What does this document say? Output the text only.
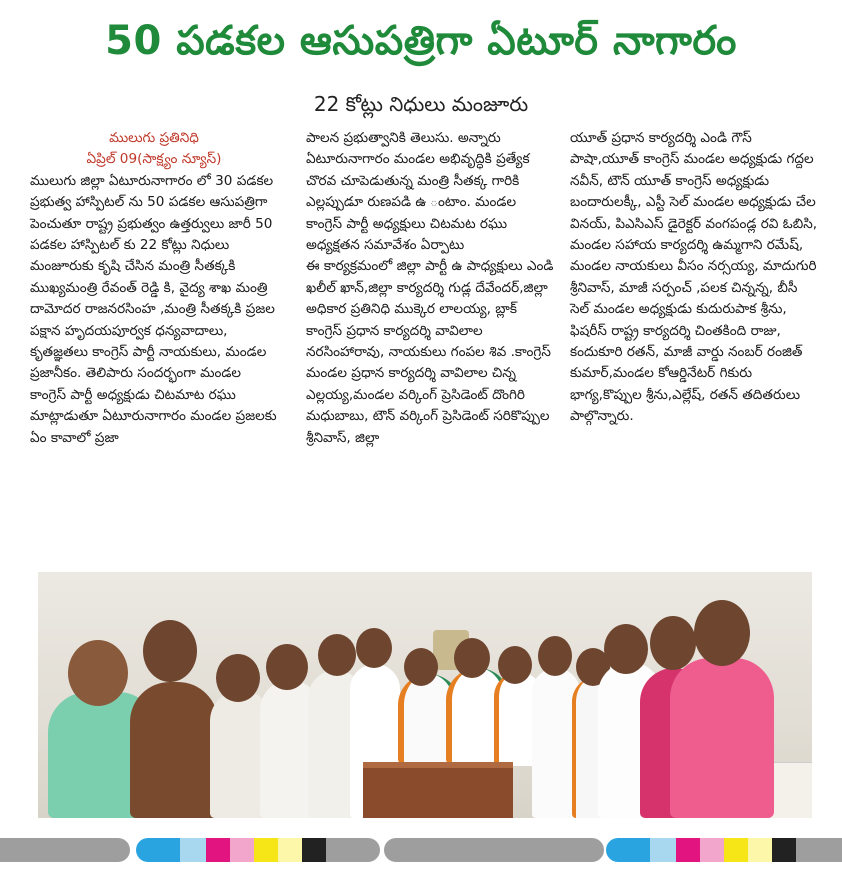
50 పడకల ఆసుపత్రిగా ఏటూర్ నాగారం
22 కోట్లు నిధులు మంజూరు

ములుగు ప్రతినిధి

ఏప్రిల్ 09(సాక్ష్యం న్యూస్)

ములుగు జిల్లా ఏటూరునాగారం లో 30 పడకల ప్రభుత్వ హాస్పిటల్ ను 50 పడకల ఆసుపత్రిగా పెంచుతూ రాష్ట్ర ప్రభుత్వం ఉత్తర్వులు జారీ 50 పడకల హాస్పిటల్ కు 22 కోట్లు నిధులు మంజూరుకు కృషి చేసిన మంత్రి సీతక్కకి ముఖ్యమంత్రి రేవంత్ రెడ్డి కి, వైద్య శాఖ మంత్రి దామోదర రాజనరసింహ ,మంత్రి సీతక్కకి ప్రజల పక్షాన హృదయపూర్వక ధన్యవాదాలు, కృతజ్ఞతలు కాంగ్రెస్ పార్టీ నాయకులు, మండల ప్రజానీకం. తెలిపారు సందర్భంగా మండల కాంగ్రెస్ పార్టీ అధ్యక్షుడు చిటమాట రఘు మాట్లాడుతూ ఏటూరునాగారం మండల ప్రజలకు ఏం కావాలో ప్రజా

పాలన ప్రభుత్వానికి తెలుసు. అన్నారు ఏటూరునాగారం మండల అభివృద్ధికి ప్రత్యేక చొరవ చూపెడుతున్న మంత్రి సీతక్క గారికి ఎల్లప్పుడూ రుణపడి ఉ ంటాం. మండల కాంగ్రెస్ పార్టీ అధ్యక్షులు చిటమట రఘు అధ్యక్షతన సమావేశం ఏర్పాటు

ఈ కార్యక్రమంలో జిల్లా పార్టీ ఉ పాధ్యక్షులు ఎండి ఖలీల్ ఖాన్,జిల్లా కార్యదర్శి గుడ్ల దేవేందర్,జిల్లా అధికార ప్రతినిధి ముక్కెర లాలయ్య, బ్లాక్ కాంగ్రెస్ ప్రధాన కార్యదర్శి వావిలాల నరసింహారావు, నాయకులు గంపల శివ .కాంగ్రెస్ మండల ప్రధాన కార్యదర్శి వావిలాల చిన్న ఎల్లయ్య,మండల వర్కింగ్ ప్రెసిడెంట్ దొంగిరి మధుబాబు, టౌన్ వర్కింగ్ ప్రెసిడెంట్ సరికొప్పుల శ్రీనివాస్, జిల్లా

యూత్ ప్రధాన కార్యదర్శి ఎండి గౌస్ పాషా,యూత్ కాంగ్రెస్ మండల అధ్యక్షుడు గద్దల నవీన్, టౌన్ యూత్ కాంగ్రెస్ అధ్యక్షుడు బందారులక్కీ, ఎస్టీ సెల్ మండల అధ్యక్షుడు చేల వినయ్, పిఎసిఎస్ డైరెక్టర్ వంగపండ్ల రవి ఓబిసి, మండల సహాయ కార్యదర్శి ఉమ్మగాని రమేష్, మండల నాయకులు వీసం నర్సయ్య, మాదుగురి శ్రీనివాస్, మాజీ సర్పంచ్ ,పలక చిన్నన్న, బీసీ సెల్ మండల అధ్యక్షుడు కుదురుపాక శ్రీను, ఫిషరీస్ రాష్ట్ర కార్యదర్శి చింతకింది రాజు, కందుకూరి రతన్, మాజీ వార్డు నంబర్ రంజిత్ కుమార్,మండల కోఆర్డినేటర్ గికురు భాగ్య,కొప్పుల శ్రీను,ఎల్లేష్, రతన్ తదితరులు పాల్గొన్నారు.
